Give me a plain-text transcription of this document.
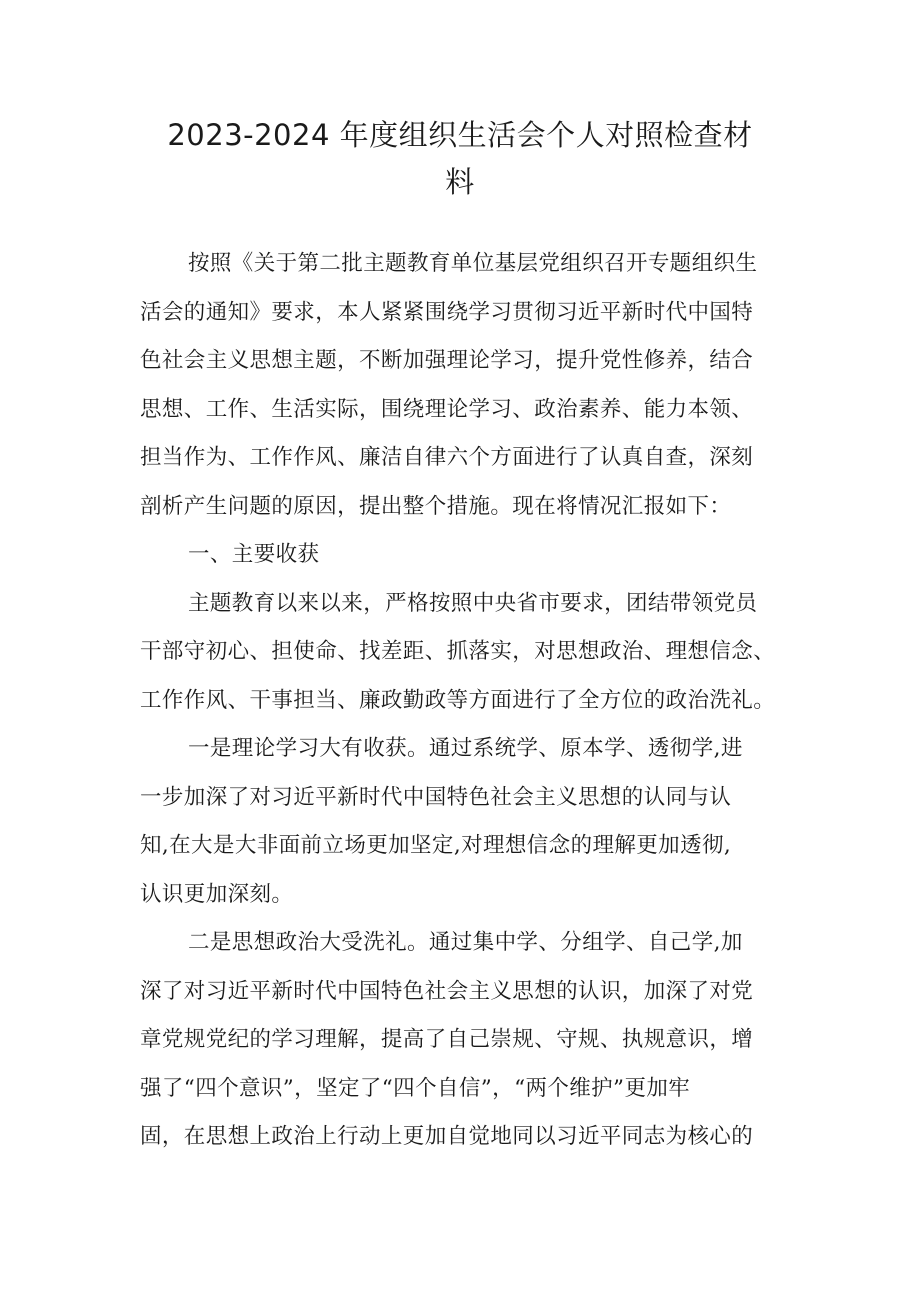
2023-2024 年度组织生活会个人对照检查材
料
按照《关于第二批主题教育单位基层党组织召开专题组织生
活会的通知》要求，本人紧紧围绕学习贯彻习近平新时代中国特
色社会主义思想主题，不断加强理论学习，提升党性修养，结合
思想、工作、生活实际，围绕理论学习、政治素养、能力本领、
担当作为、工作作风、廉洁自律六个方面进行了认真自查，深刻
剖析产生问题的原因，提出整个措施。现在将情况汇报如下：
一、主要收获
主题教育以来以来，严格按照中央省市要求，团结带领党员
干部守初心、担使命、找差距、抓落实，对思想政治、理想信念、
工作作风、干事担当、廉政勤政等方面进行了全方位的政治洗礼。
一是理论学习大有收获。通过系统学、原本学、透彻学,进
一步加深了对习近平新时代中国特色社会主义思想的认同与认
知,在大是大非面前立场更加坚定,对理想信念的理解更加透彻,
认识更加深刻。
二是思想政治大受洗礼。通过集中学、分组学、自己学,加
深了对习近平新时代中国特色社会主义思想的认识，加深了对党
章党规党纪的学习理解，提高了自己崇规、守规、执规意识，增
强了“四个意识”，坚定了“四个自信”，“两个维护”更加牢
固，在思想上政治上行动上更加自觉地同以习近平同志为核心的
